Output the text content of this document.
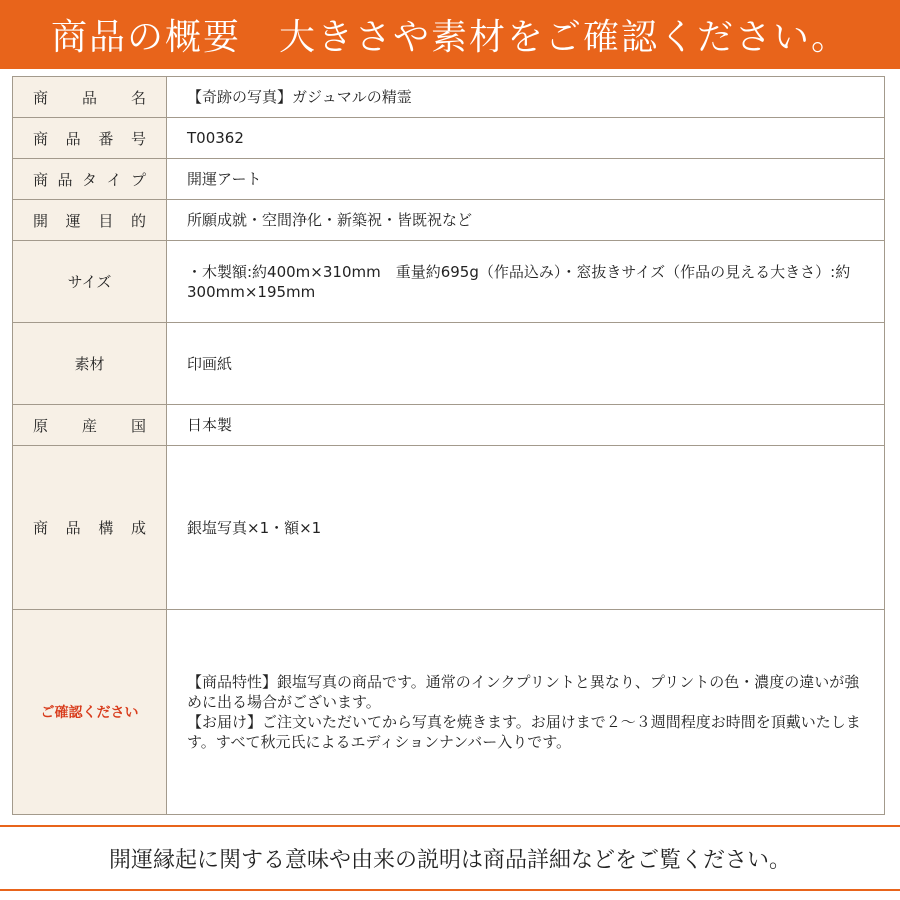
商品の概要　大きさや素材をご確認ください。
商 品 名	【奇跡の写真】ガジュマルの精霊

商 品 番 号	T00362

商 品 タ イ プ	開運アート

開 運 目 的	所願成就・空間浄化・新築祝・皆既祝など

サイズ	・木製額:約400m×310mm　重量約695g（作品込み）・窓抜きサイズ（作品の見える大きさ）:約300mm×195mm

素材	印画紙

原 産 国	日本製

商 品 構 成	銀塩写真×1・額×1

ご確認ください	【商品特性】銀塩写真の商品です。通常のインクプリントと異なり、プリントの色・濃度の違いが強めに出る場合がございます。
【お届け】ご注文いただいてから写真を焼きます。お届けまで２〜３週間程度お時間を頂戴いたします。すべて秋元氏によるエディションナンバー入りです。
開運縁起に関する意味や由来の説明は商品詳細などをご覧ください。
